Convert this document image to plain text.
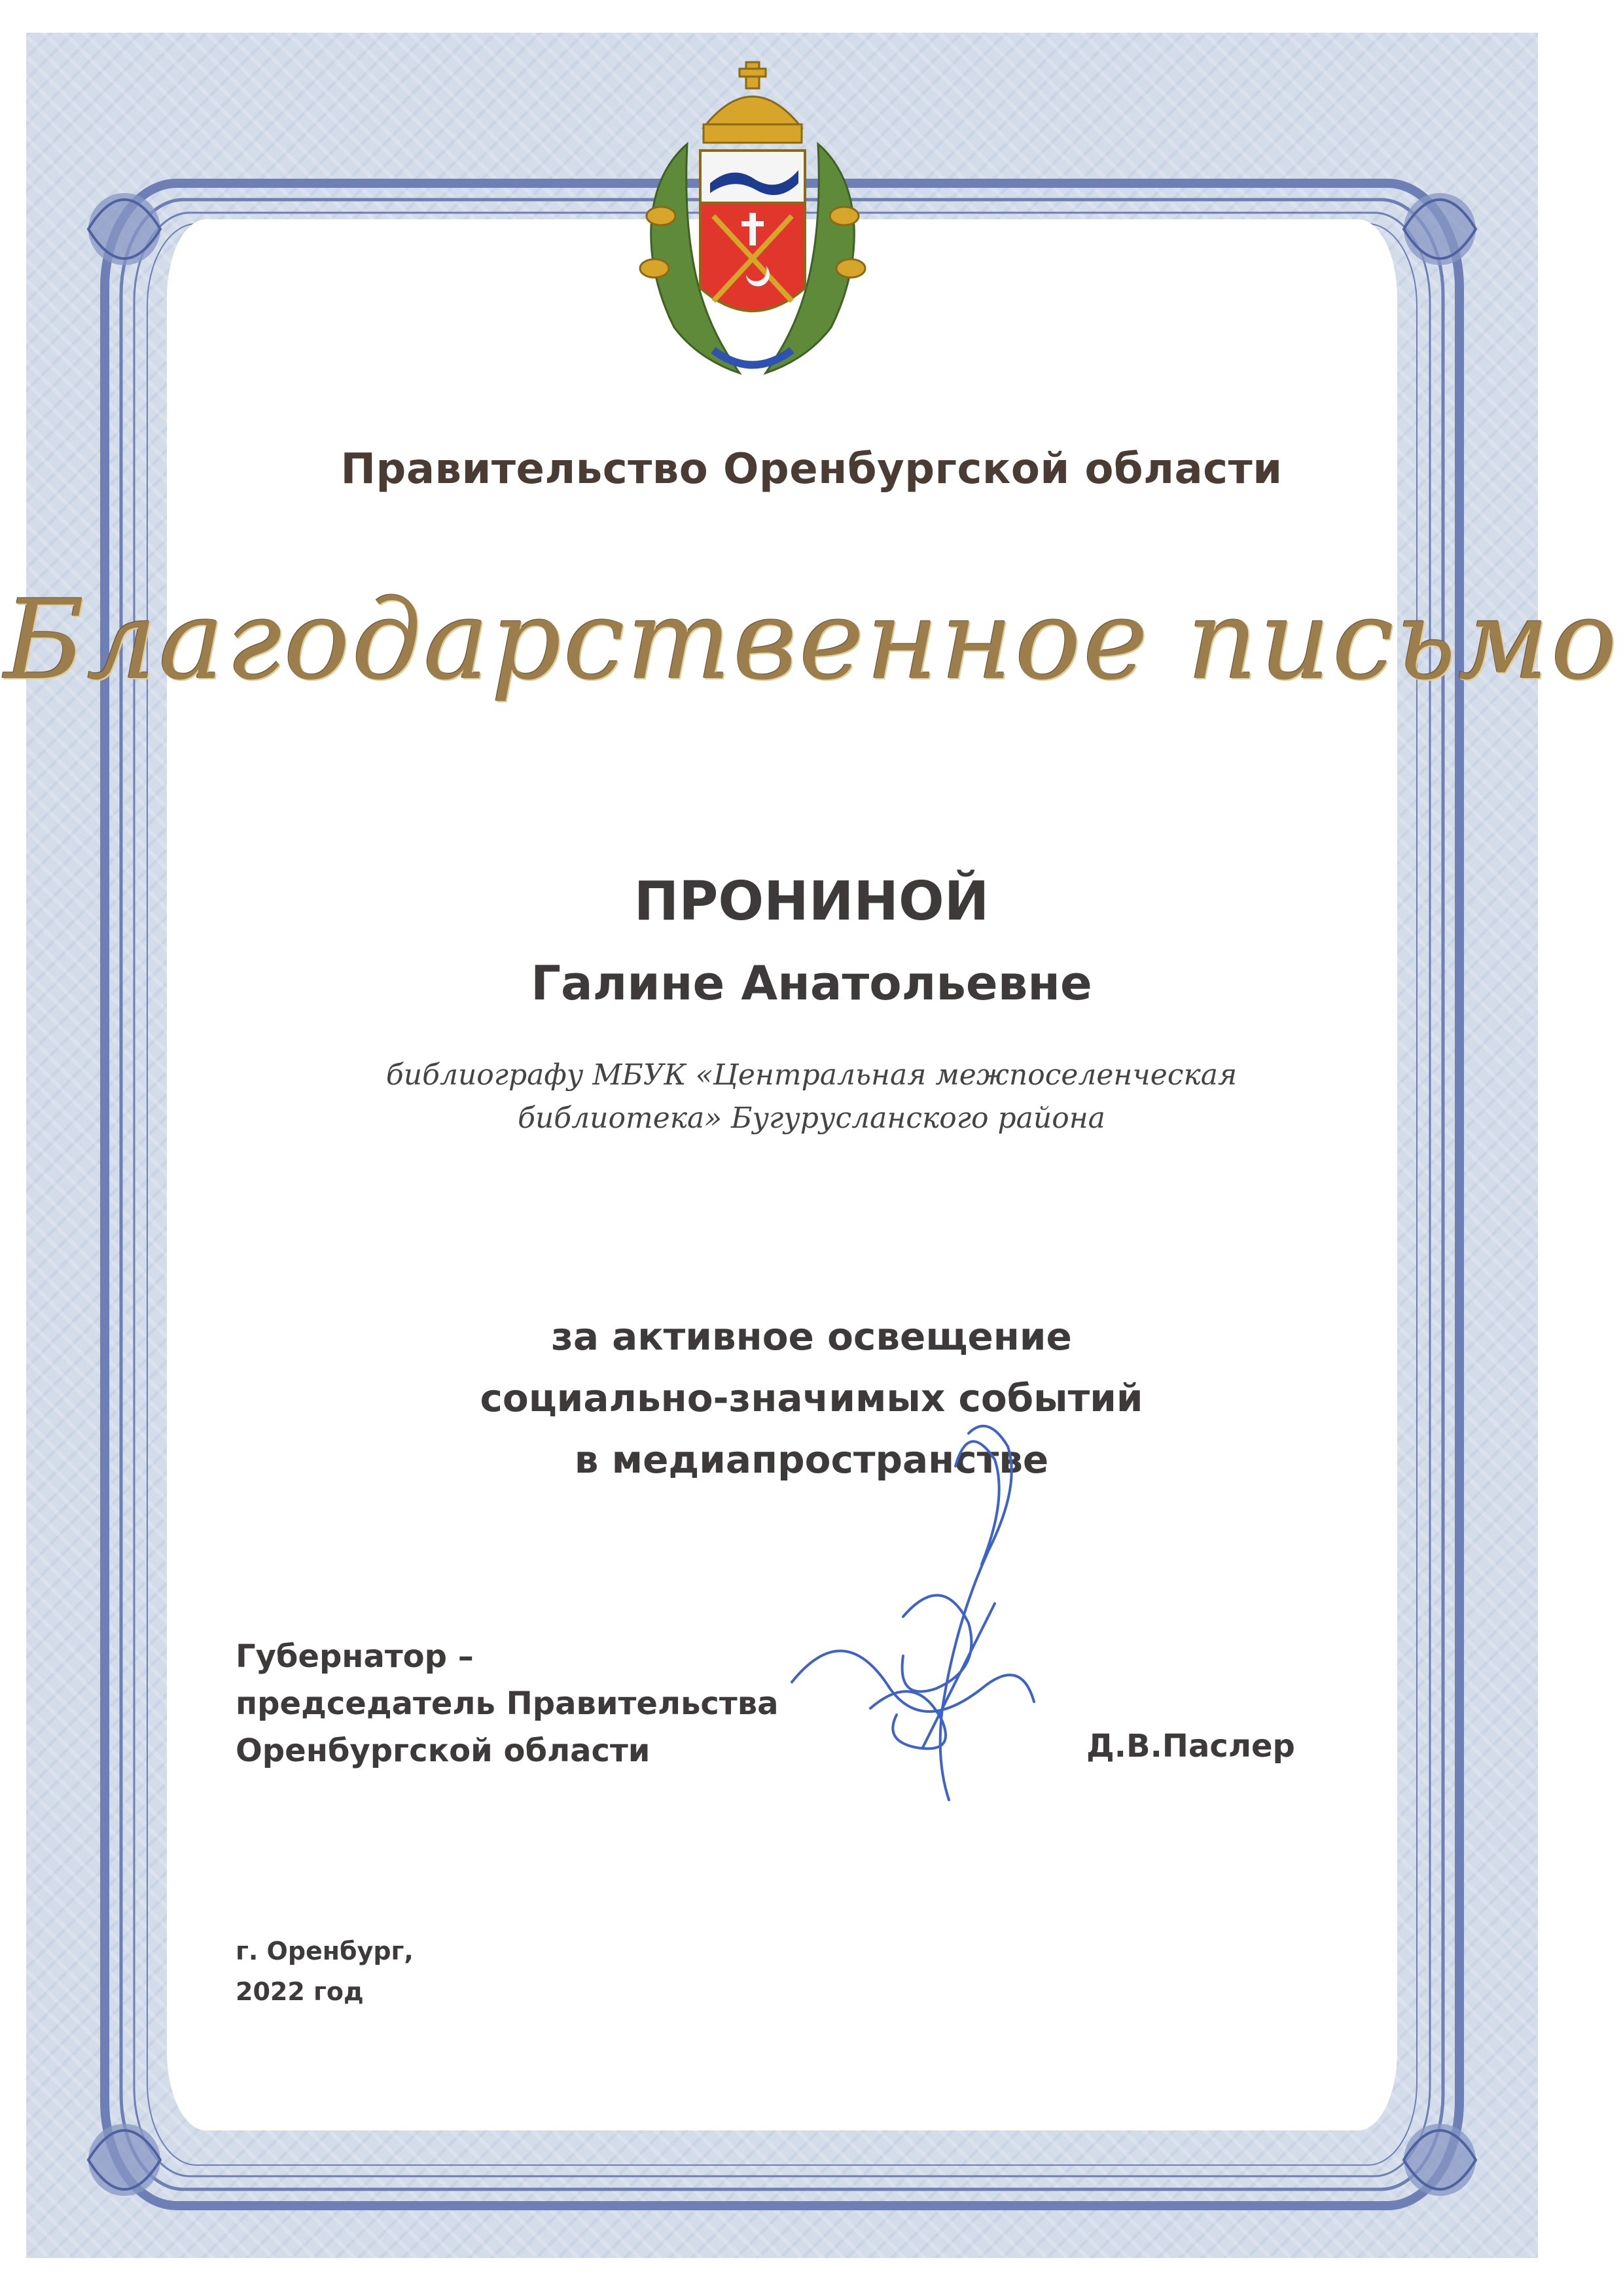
Правительство Оренбургской области
Благодарственное письмо
ПРОНИНОЙ
Галине Анатольевне
библиографу МБУК «Центральная межпоселенческая
библиотека» Бугурусланского района
за активное освещение
социально-значимых событий
в медиапространстве
Губернатор –
председатель Правительства
Оренбургской области	Д.В.Паслер
г. Оренбург,
2022 год
